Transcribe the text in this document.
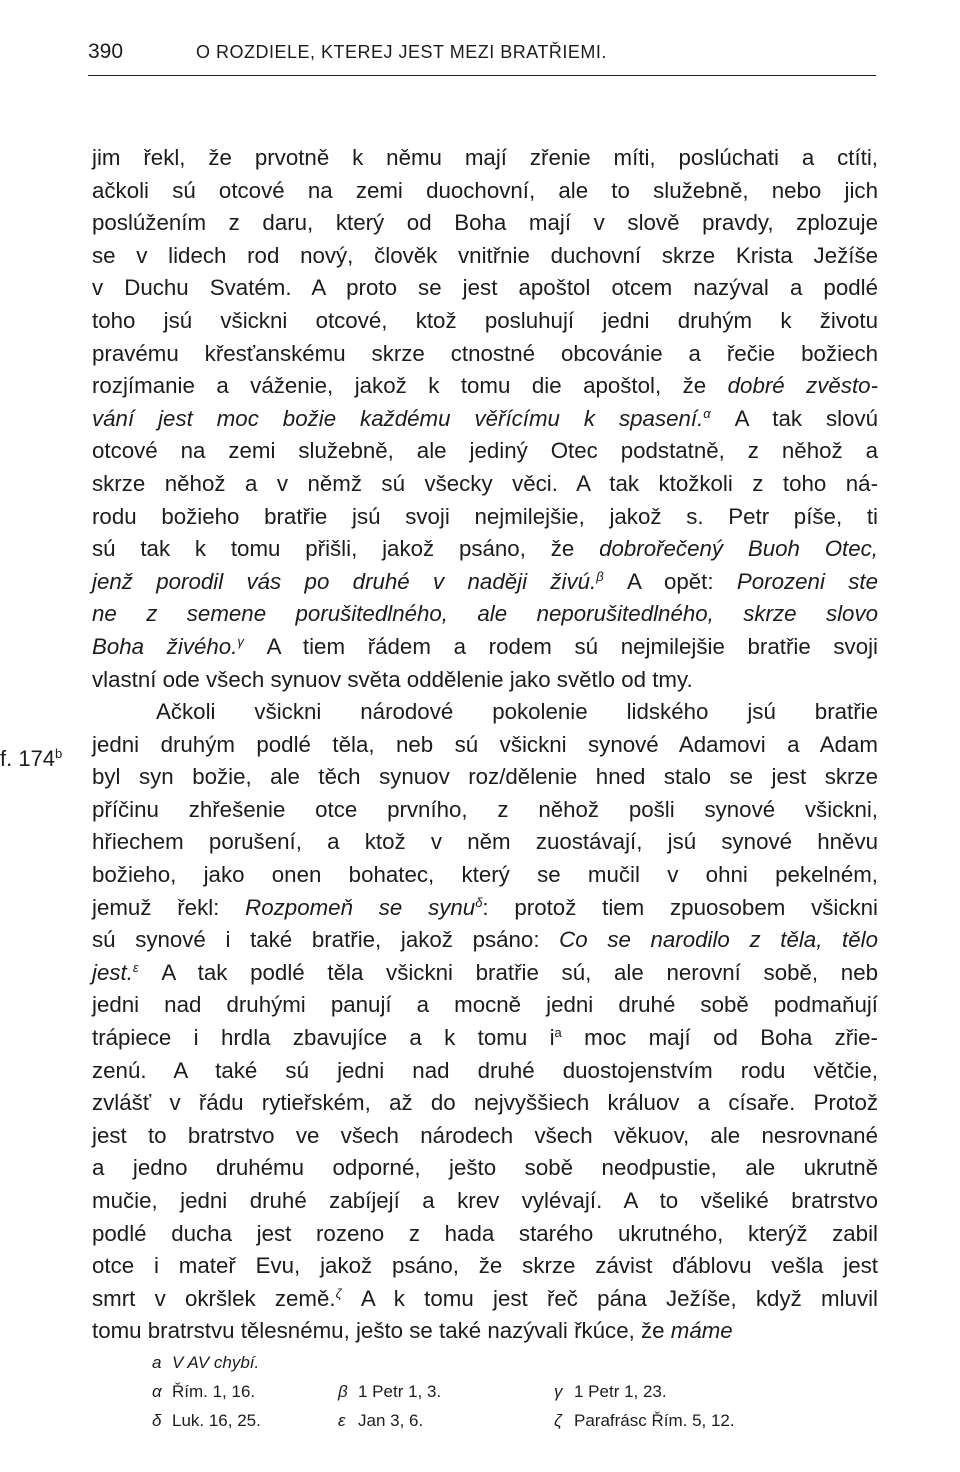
390	O ROZDIELE, KTEREJ JEST MEZI BRATŘIEMI.
f. 174$^b$
jim řekl, že prvotně k němu mají zřenie míti, poslúchati a ctíti,
ačkoli sú otcové na zemi duochovní, ale to služebně, nebo jich
poslúžením z daru, který od Boha mají v slově pravdy, zplozuje
se v lidech rod nový, člověk vnitřnie duchovní skrze Krista Ježíše
v Duchu Svatém. A proto se jest apoštol otcem nazýval a podlé
toho jsú všickni otcové, ktož posluhují jedni druhým k životu
pravému křesťanskému skrze ctnostné obcovánie a řečie božiech
rozjímanie a váženie, jakož k tomu die apoštol, že dobré zvěsto-
vání jest moc božie každému věřícímu k spasení.$^\alpha$ A tak slovú
otcové na zemi služebně, ale jediný Otec podstatně, z něhož a
skrze něhož a v němž sú všecky věci. A tak ktožkoli z toho ná-
rodu božieho bratřie jsú svoji nejmilejšie, jakož s. Petr píše, ti
sú tak k tomu přišli, jakož psáno, že dobrořečený Buoh Otec,
jenž porodil vás po druhé v naději živú.$^\beta$ A opět: Porozeni ste
ne z semene porušitedlného, ale neporušitedlného, skrze slovo
Boha živého.$^\gamma$ A tiem řádem a rodem sú nejmilejšie bratřie svoji
vlastní ode všech synuov světa oddělenie jako světlo od tmy.
Ačkoli všickni národové pokolenie lidského jsú bratřie
jedni druhým podlé těla, neb sú všickni synové Adamovi a Adam
byl syn božie, ale těch synuov roz/dělenie hned stalo se jest skrze
příčinu zhřešenie otce prvního, z něhož pošli synové všickni,
hřiechem porušení, a ktož v něm zuostávají, jsú synové hněvu
božieho, jako onen bohatec, který se mučil v ohni pekelném,
jemuž řekl: Rozpomeň se synu$^\delta$: protož tiem zpuosobem všickni
sú synové i také bratřie, jakož psáno: Co se narodilo z těla, tělo
jest.$^\varepsilon$ A tak podlé těla všickni bratřie sú, ale nerovní sobě, neb
jedni nad druhými panují a mocně jedni druhé sobě podmaňují
trápiece i hrdla zbavujíce a k tomu $i^a$ moc mají od Boha zřie-
zenú. A také sú jedni nad druhé duostojenstvím rodu větčie,
zvlášť v řádu rytieřském, až do nejvyššiech králuov a císaře. Protož
jest to bratrstvo ve všech národech všech věkuov, ale nesrovnané
a jedno druhému odporné, ješto sobě neodpustie, ale ukrutně
mučie, jedni druhé zabíjejí a krev vylévají. A to všeliké bratrstvo
podlé ducha jest rozeno z hada starého ukrutného, kterýž zabil
otce i mateř Evu, jakož psáno, že skrze závist ďáblovu vešla jest
smrt v okršlek země.$^\zeta$ A k tomu jest řeč pána Ježíše, když mluvil
tomu bratrstvu tělesnému, ješto se také nazývali řkúce, že máme
a V AV chybí.
α Řím. 1, 16.	β 1 Petr 1, 3.	γ 1 Petr 1, 23.
δ Luk. 16, 25.	ε Jan 3, 6.	ζ Parafrásc Řím. 5, 12.
